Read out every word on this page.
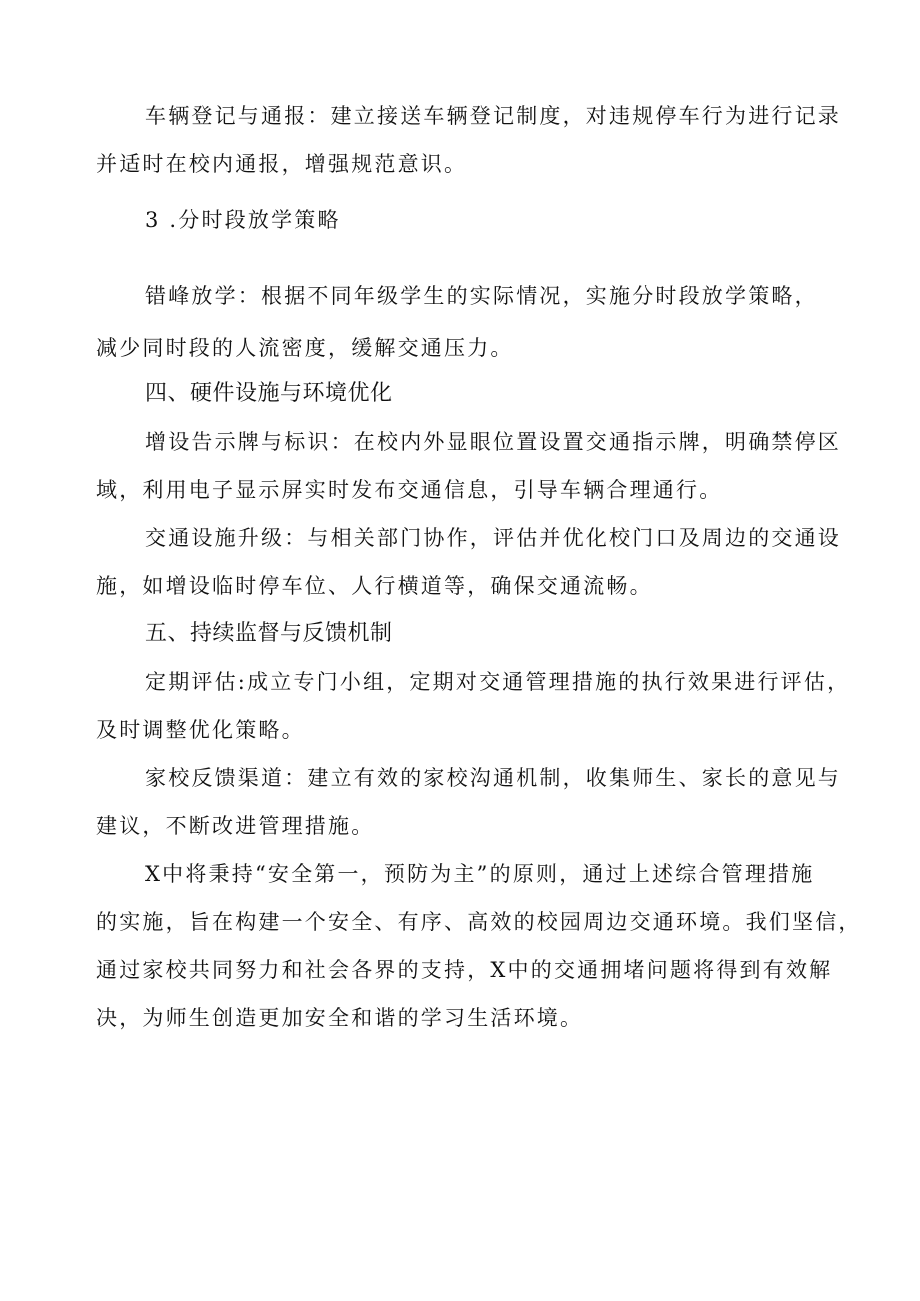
车辆登记与通报：建立接送车辆登记制度，对违规停车行为进行记录
并适时在校内通报，增强规范意识。
3 .分时段放学策略
错峰放学：根据不同年级学生的实际情况，实施分时段放学策略，
减少同时段的人流密度，缓解交通压力。
四、硬件设施与环境优化
增设告示牌与标识：在校内外显眼位置设置交通指示牌，明确禁停区
域，利用电子显示屏实时发布交通信息，引导车辆合理通行。
交通设施升级：与相关部门协作，评估并优化校门口及周边的交通设
施，如增设临时停车位、人行横道等，确保交通流畅。
五、持续监督与反馈机制
定期评估:成立专门小组，定期对交通管理措施的执行效果进行评估，
及时调整优化策略。
家校反馈渠道：建立有效的家校沟通机制，收集师生、家长的意见与
建议，不断改进管理措施。
X中将秉持“安全第一，预防为主”的原则，通过上述综合管理措施
的实施，旨在构建一个安全、有序、高效的校园周边交通环境。我们坚信，
通过家校共同努力和社会各界的支持，X中的交通拥堵问题将得到有效解
决，为师生创造更加安全和谐的学习生活环境。
